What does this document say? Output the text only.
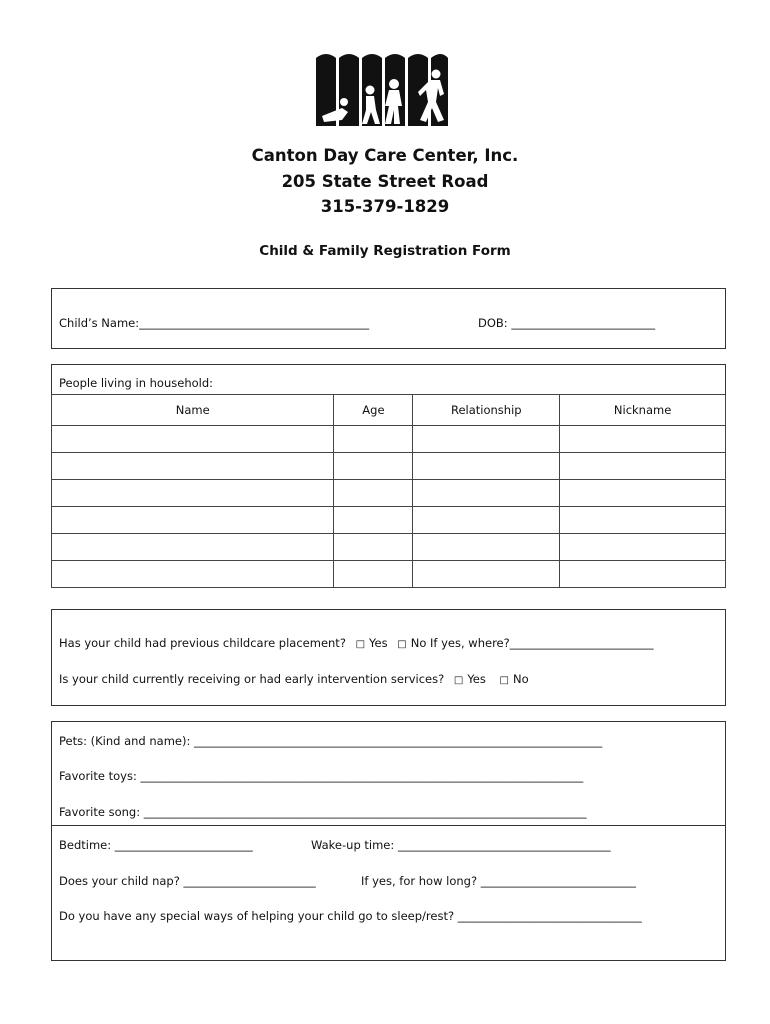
Canton Day Care Center, Inc.
205 State Street Road
315-379-1829
Child & Family Registration Form
Child’s Name:________________________________________	DOB: _________________________
People living in household:
Name	Age	Relationship	Nickname

Has your child had previous childcare placement? □ Yes □ No If yes, where?_________________________
Is your child currently receiving or had early intervention services? □ Yes □ No
Pets: (Kind and name): _______________________________________________________________________
Favorite toys: _____________________________________________________________________________
Favorite song: _____________________________________________________________________________
Bedtime: ________________________	Wake-up time: _____________________________________
Does your child nap? _______________________	If yes, for how long? ___________________________
Do you have any special ways of helping your child go to sleep/rest? ________________________________
